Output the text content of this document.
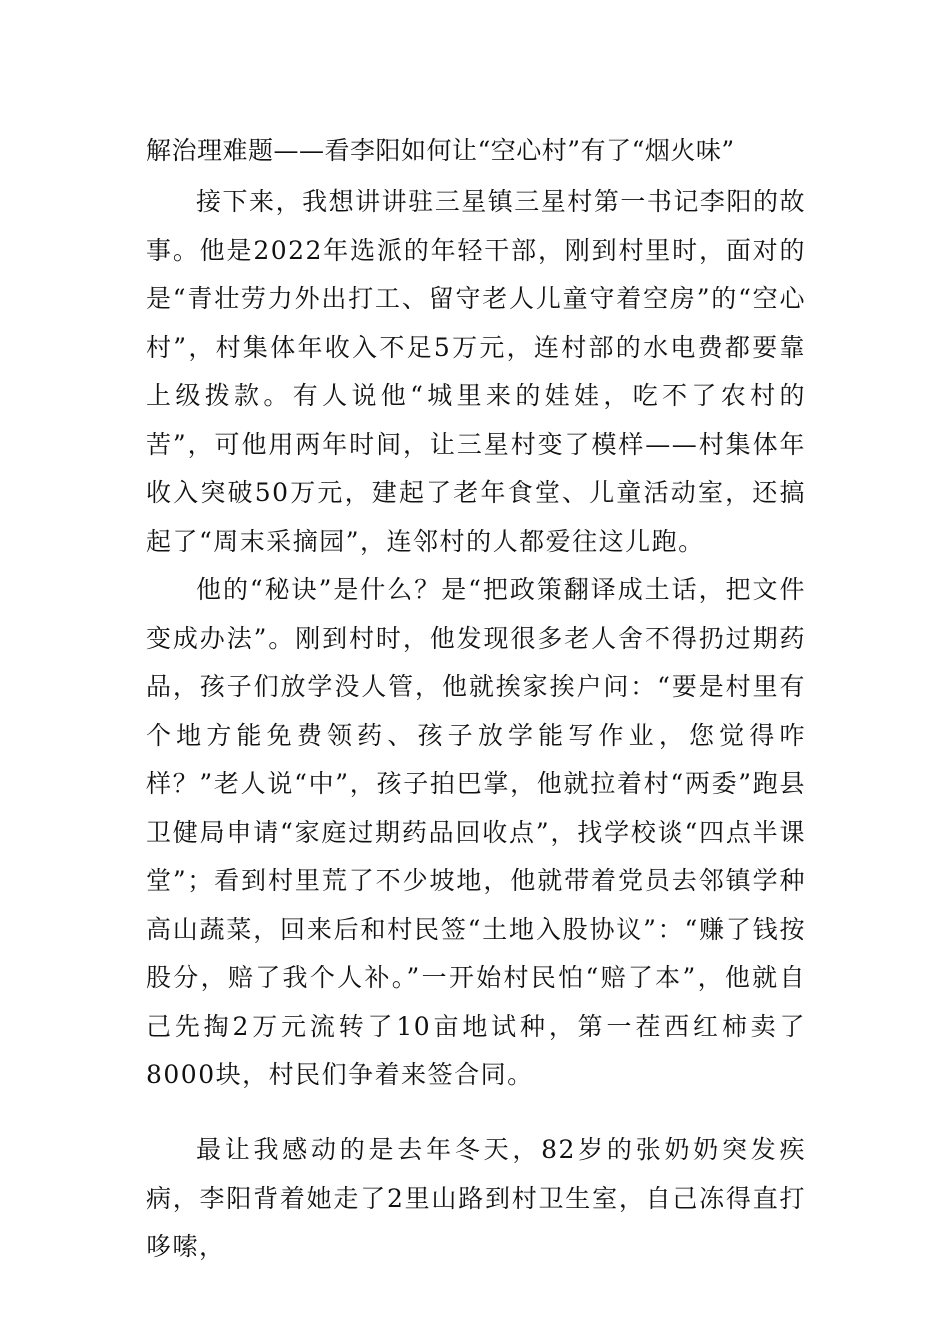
解治理难题——看李阳如何让“空心村”有了“烟火味”

接下来，我想讲讲驻三星镇三星村第一书记李阳的故事。他是2022年选派的年轻干部，刚到村里时，面对的是“青壮劳力外出打工、留守老人儿童守着空房”的“空心村”，村集体年收入不足5万元，连村部的水电费都要靠上级拨款。有人说他“城里来的娃娃，吃不了农村的苦”，可他用两年时间，让三星村变了模样——村集体年收入突破50万元，建起了老年食堂、儿童活动室，还搞起了“周末采摘园”，连邻村的人都爱往这儿跑。

他的“秘诀”是什么？是“把政策翻译成土话，把文件变成办法”。刚到村时，他发现很多老人舍不得扔过期药品，孩子们放学没人管，他就挨家挨户问：“要是村里有个地方能免费领药、孩子放学能写作业，您觉得咋样？”老人说“中”，孩子拍巴掌，他就拉着村“两委”跑县卫健局申请“家庭过期药品回收点”，找学校谈“四点半课堂”；看到村里荒了不少坡地，他就带着党员去邻镇学种高山蔬菜，回来后和村民签“土地入股协议”：“赚了钱按股分，赔了我个人补。”一开始村民怕“赔了本”，他就自己先掏2万元流转了10亩地试种，第一茬西红柿卖了8000块，村民们争着来签合同。

最让我感动的是去年冬天，82岁的张奶奶突发疾病，李阳背着她走了2里山路到村卫生室，自己冻得直打哆嗦，
